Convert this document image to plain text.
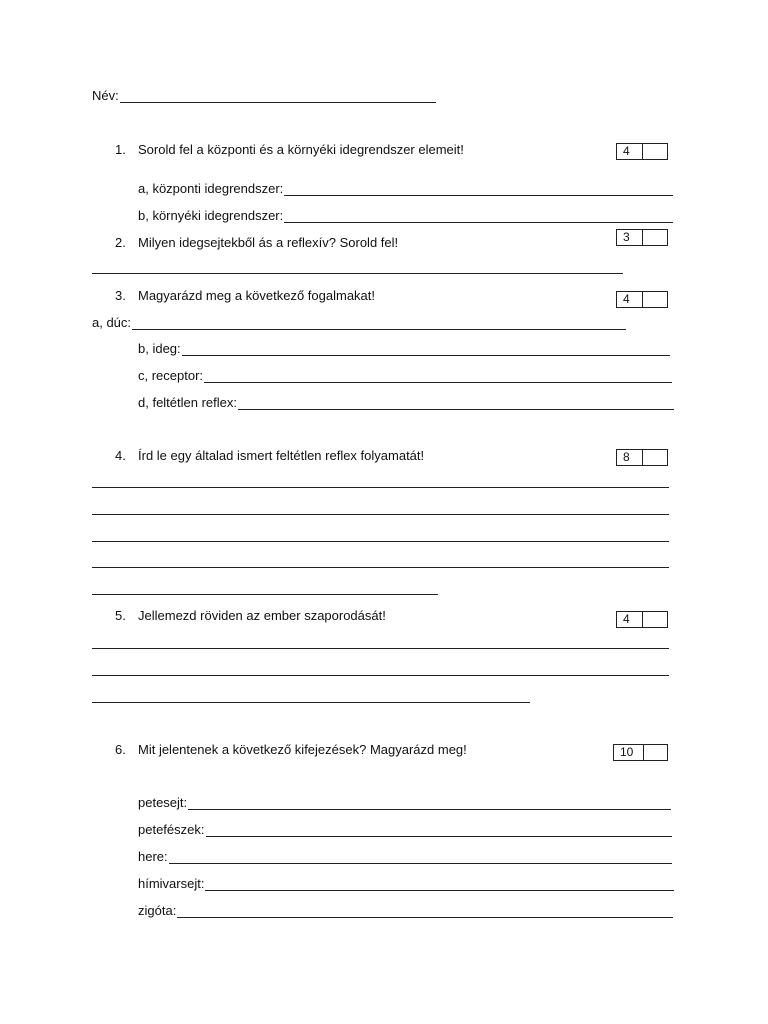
Név:
1. Sorold fel a központi és a környéki idegrendszer elemeit!	4
a, központi idegrendszer:
b, környéki idegrendszer:
2. Milyen idegsejtekből ás a reflexív? Sorold fel!	3
3. Magyarázd meg a következő fogalmakat!	4
a, dúc:
b, ideg:
c, receptor:
d, feltétlen reflex:
4. Írd le egy általad ismert feltétlen reflex folyamatát!	8
5. Jellemezd röviden az ember szaporodását!	4
6. Mit jelentenek a következő kifejezések? Magyarázd meg!	10
petesejt:
petefészek:
here:
hímivarsejt:
zigóta:
